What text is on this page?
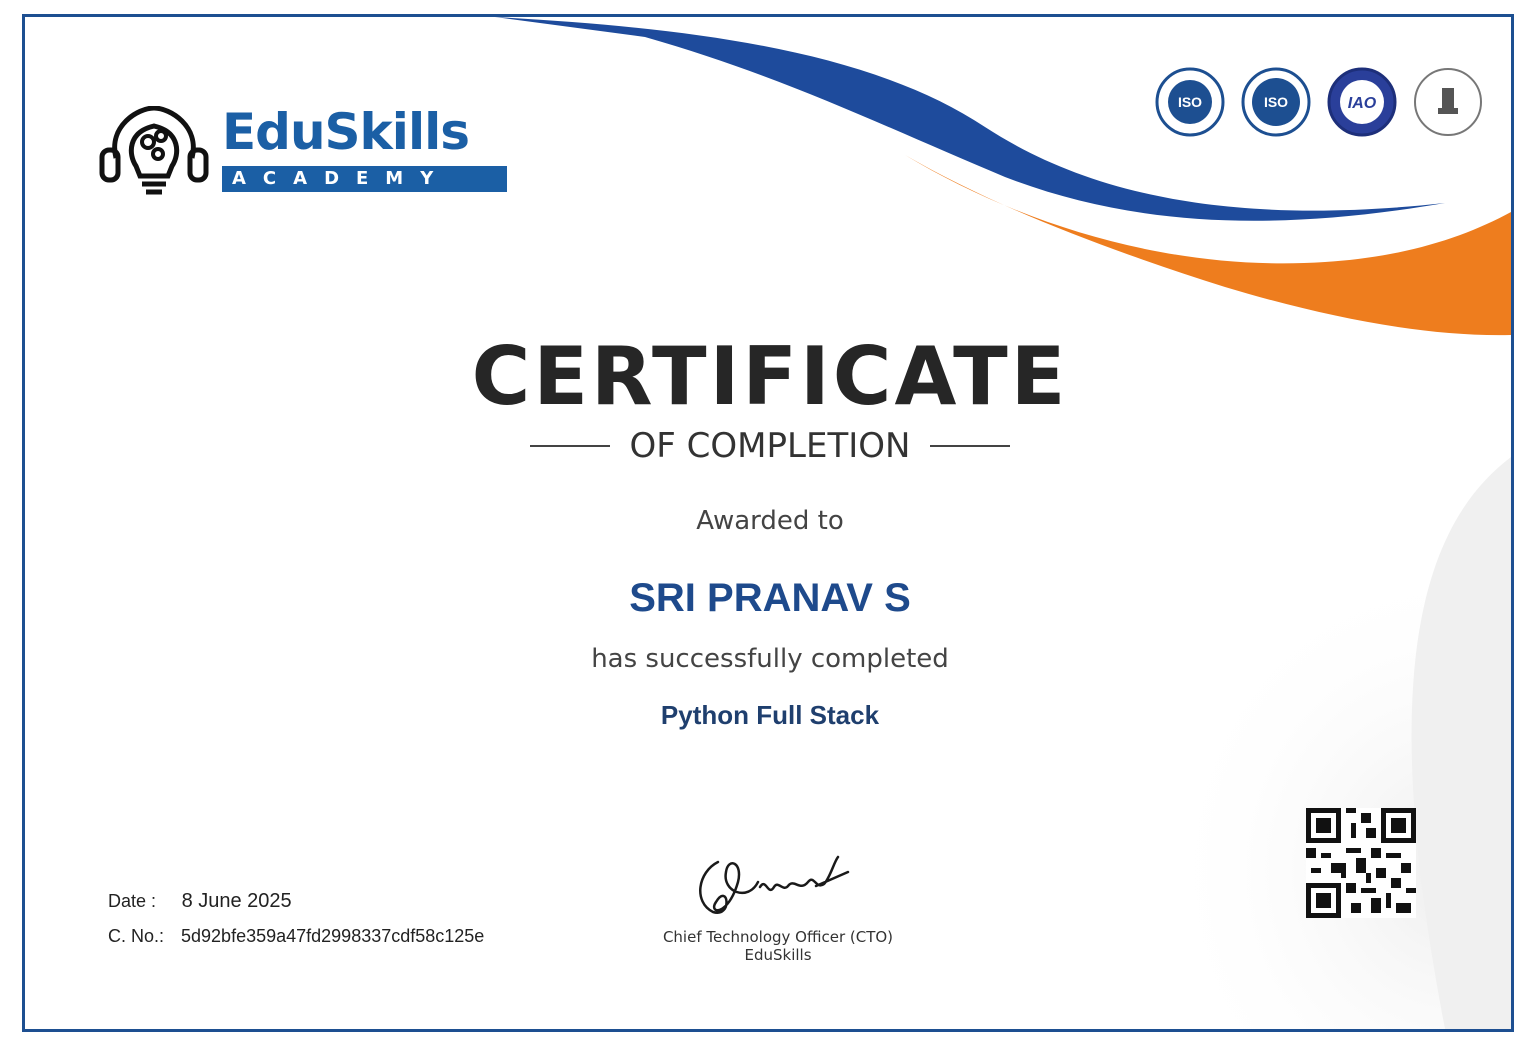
EduSkills
ACADEMY
ISO	ISO	IAO
CERTIFICATE
OF COMPLETION
Awarded to
SRI PRANAV S
has successfully completed
Python Full Stack
Date : 8 June 2025
C. No.: 5d92bfe359a47fd2998337cdf58c125e	Chief Technology Officer (CTO)
EduSkills
